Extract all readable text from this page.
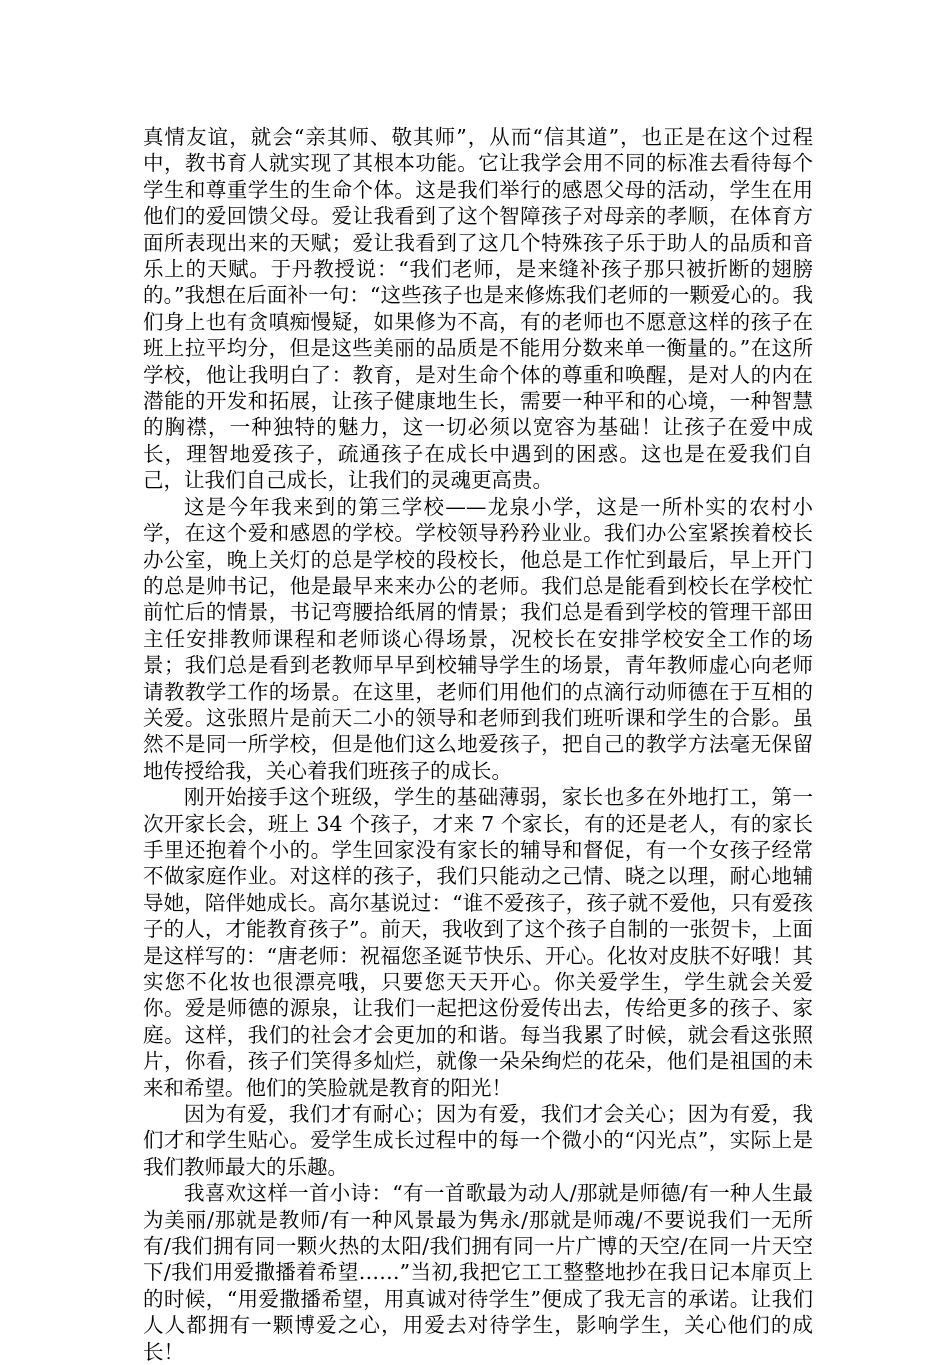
真情友谊，就会“亲其师、敬其师”，从而“信其道”，也正是在这个过程中，教书育人就实现了其根本功能。它让我学会用不同的标准去看待每个学生和尊重学生的生命个体。这是我们举行的感恩父母的活动，学生在用他们的爱回馈父母。爱让我看到了这个智障孩子对母亲的孝顺，在体育方面所表现出来的天赋；爱让我看到了这几个特殊孩子乐于助人的品质和音乐上的天赋。于丹教授说：“我们老师，是来缝补孩子那只被折断的翅膀的。”我想在后面补一句：“这些孩子也是来修炼我们老师的一颗爱心的。我们身上也有贪嗔痴慢疑，如果修为不高，有的老师也不愿意这样的孩子在班上拉平均分，但是这些美丽的品质是不能用分数来单一衡量的。”在这所学校，他让我明白了：教育，是对生命个体的尊重和唤醒，是对人的内在潜能的开发和拓展，让孩子健康地生长，需要一种平和的心境，一种智慧的胸襟，一种独特的魅力，这一切必须以宽容为基础！让孩子在爱中成长，理智地爱孩子，疏通孩子在成长中遇到的困惑。这也是在爱我们自己，让我们自己成长，让我们的灵魂更高贵。

这是今年我来到的第三学校——龙泉小学，这是一所朴实的农村小学，在这个爱和感恩的学校。学校领导矜矜业业。我们办公室紧挨着校长办公室，晚上关灯的总是学校的段校长，他总是工作忙到最后，早上开门的总是帅书记，他是最早来来办公的老师。我们总是能看到校长在学校忙前忙后的情景，书记弯腰拾纸屑的情景；我们总是看到学校的管理干部田主任安排教师课程和老师谈心得场景，况校长在安排学校安全工作的场景；我们总是看到老教师早早到校辅导学生的场景，青年教师虚心向老师请教教学工作的场景。在这里，老师们用他们的点滴行动师德在于互相的关爱。这张照片是前天二小的领导和老师到我们班听课和学生的合影。虽然不是同一所学校，但是他们这么地爱孩子，把自己的教学方法毫无保留地传授给我，关心着我们班孩子的成长。

刚开始接手这个班级，学生的基础薄弱，家长也多在外地打工，第一次开家长会，班上 34 个孩子，才来 7 个家长，有的还是老人，有的家长手里还抱着个小的。学生回家没有家长的辅导和督促，有一个女孩子经常不做家庭作业。对这样的孩子，我们只能动之己情、晓之以理，耐心地辅导她，陪伴她成长。高尔基说过：“谁不爱孩子，孩子就不爱他，只有爱孩子的人，才能教育孩子”。前天，我收到了这个孩子自制的一张贺卡，上面是这样写的：“唐老师：祝福您圣诞节快乐、开心。化妆对皮肤不好哦！其实您不化妆也很漂亮哦，只要您天天开心。你关爱学生，学生就会关爱你。爱是师德的源泉，让我们一起把这份爱传出去，传给更多的孩子、家庭。这样，我们的社会才会更加的和谐。每当我累了时候，就会看这张照片，你看，孩子们笑得多灿烂，就像一朵朵绚烂的花朵，他们是祖国的未来和希望。他们的笑脸就是教育的阳光！

因为有爱，我们才有耐心；因为有爱，我们才会关心；因为有爱，我们才和学生贴心。爱学生成长过程中的每一个微小的“闪光点”，实际上是我们教师最大的乐趣。

我喜欢这样一首小诗：“有一首歌最为动人/那就是师德/有一种人生最为美丽/那就是教师/有一种风景最为隽永/那就是师魂/不要说我们一无所有/我们拥有同一颗火热的太阳/我们拥有同一片广博的天空/在同一片天空下/我们用爱撒播着希望……”当初,我把它工工整整地抄在我日记本扉页上的时候，“用爱撒播希望，用真诚对待学生”便成了我无言的承诺。让我们人人都拥有一颗博爱之心，用爱去对待学生，影响学生，关心他们的成长！
